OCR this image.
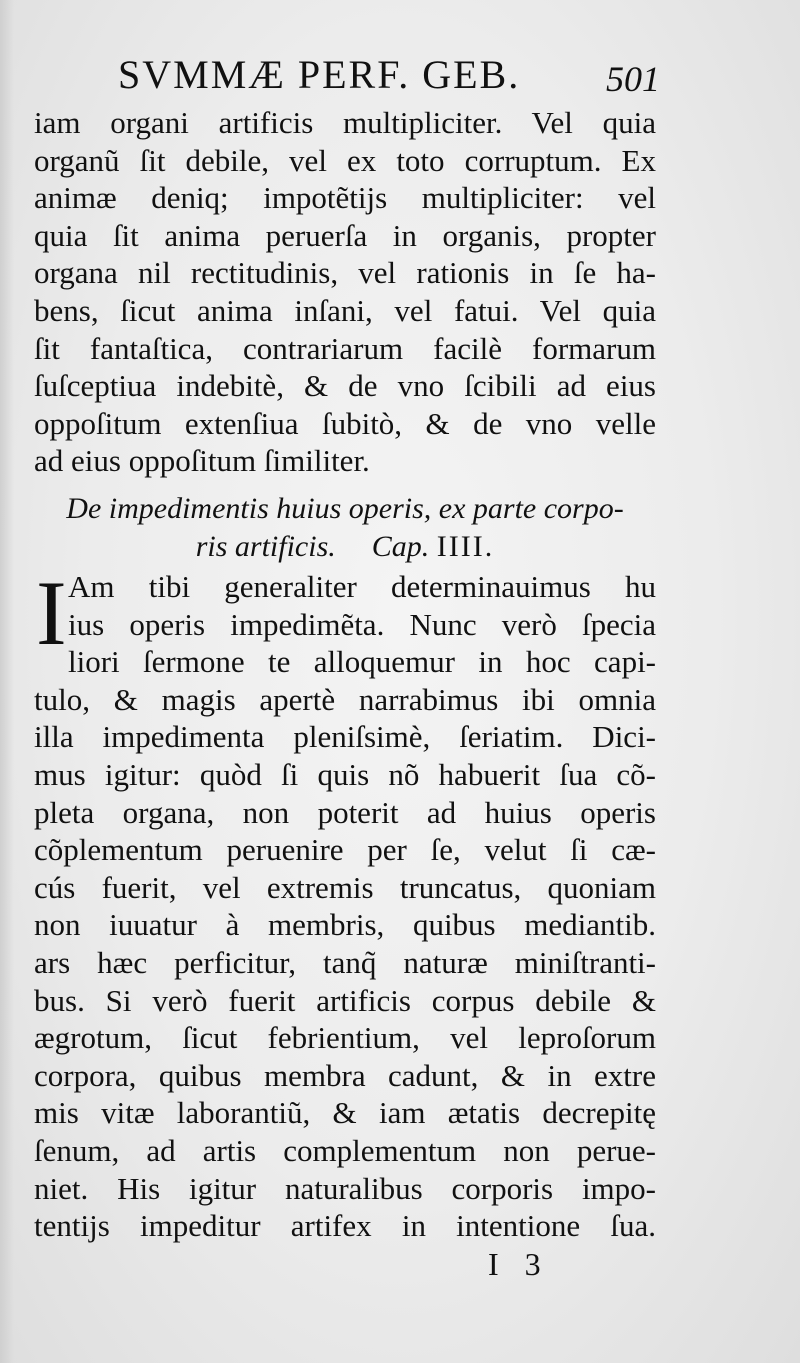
SVMMÆ PERF. GEB. 501
iam organi artificis multipliciter. Vel quia
organũ ſit debile, vel ex toto corruptum. Ex
animæ deniq; impotẽtijs multipliciter: vel
quia ſit anima peruerſa in organis, propter
organa nil rectitudinis, vel rationis in ſe ha-
bens, ſicut anima inſani, vel fatui. Vel quia
ſit fantaſtica, contrariarum facilè formarum
ſuſceptiua indebitè, & de vno ſcibili ad eius
oppoſitum extenſiua ſubitò, & de vno velle
ad eius oppoſitum ſimiliter.
De impedimentis huius operis, ex parte corpo-
ris artificis. Cap. IIII.
I Am tibi generaliter determinauimus hu
ius operis impedimẽta. Nunc verò ſpecia
liori ſermone te alloquemur in hoc capi-
tulo, & magis apertè narrabimus ibi omnia
illa impedimenta pleniſsimè, ſeriatim. Dici-
mus igitur: quòd ſi quis nõ habuerit ſua cõ-
pleta organa, non poterit ad huius operis
cõplementum peruenire per ſe, velut ſi cæ-
cús fuerit, vel extremis truncatus, quoniam
non iuuatur à membris, quibus mediantib.
ars hæc perficitur, tanq̃ naturæ miniſtranti-
bus. Si verò fuerit artificis corpus debile &
ægrotum, ſicut febrientium, vel leproſorum
corpora, quibus membra cadunt, & in extre
mis vitæ laborantiũ, & iam ætatis decrepitę
ſenum, ad artis complementum non perue-
niet. His igitur naturalibus corporis impo-
tentijs impeditur artifex in intentione ſua.
I 3
